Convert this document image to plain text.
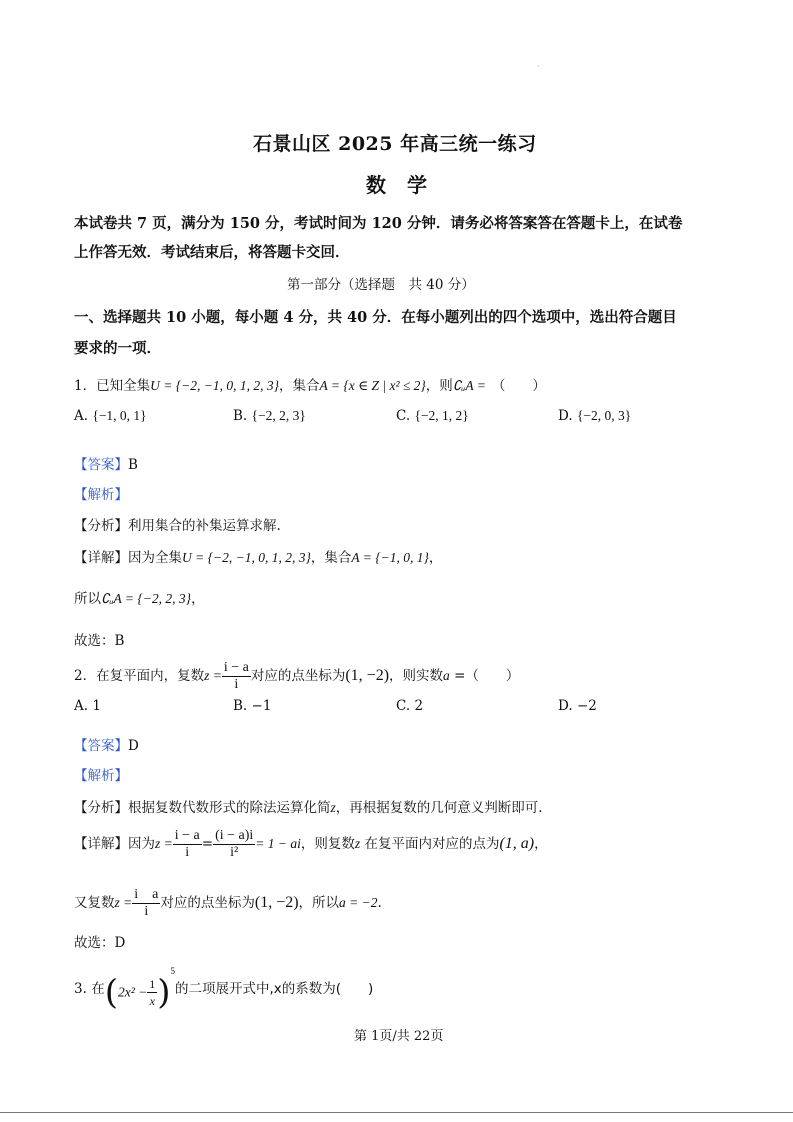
·
石景山区 2025 年高三统一练习
数　学
本试卷共 7 页，满分为 150 分，考试时间为 120 分钟．请务必将答案答在答题卡上，在试卷
上作答无效．考试结束后，将答题卡交回．
第一部分（选择题　共 40 分）
一、选择题共 10 小题，每小题 4 分，共 40 分．在每小题列出的四个选项中，选出符合题目
要求的一项．
1．已知全集U = {−2, −1, 0, 1, 2, 3}，集合A = {x ∈ Z | x² ≤ 2}，则∁ᵤA = （　　）
A. {−1, 0, 1}	B. {−2, 2, 3}	C. {−2, 1, 2}	D. {−2, 0, 3}
【答案】B
【解析】
【分析】利用集合的补集运算求解.
【详解】因为全集U = {−2, −1, 0, 1, 2, 3}，集合A = {−1, 0, 1}，
所以∁ᵤA = {−2, 2, 3}，
故选：B
2．在复平面内，复数$z = \frac{i - a}{i}$ 对应的点坐标为(1, −2)，则实数a =（　　）
A. 1	B. −1	C. 2	D. −2
【答案】D
【解析】
【分析】根据复数代数形式的除法运算化简z，再根据复数的几何意义判断即可.
【详解】因为$z = \frac{i - a}{i} = \frac{(i - a)i}{\text{i²}} = 1$ − ai，则复数z 在复平面内对应的点为(1, a)，
又复数$z = \frac{\text{i　a}}{i}$ 对应的点坐标为(1, −2)，所以a = −2.
故选：D
3. 在$(2x^2 - \frac{1}{x} )^5$的二项展开式中,x的系数为(　　)
第 1页/共 22页
